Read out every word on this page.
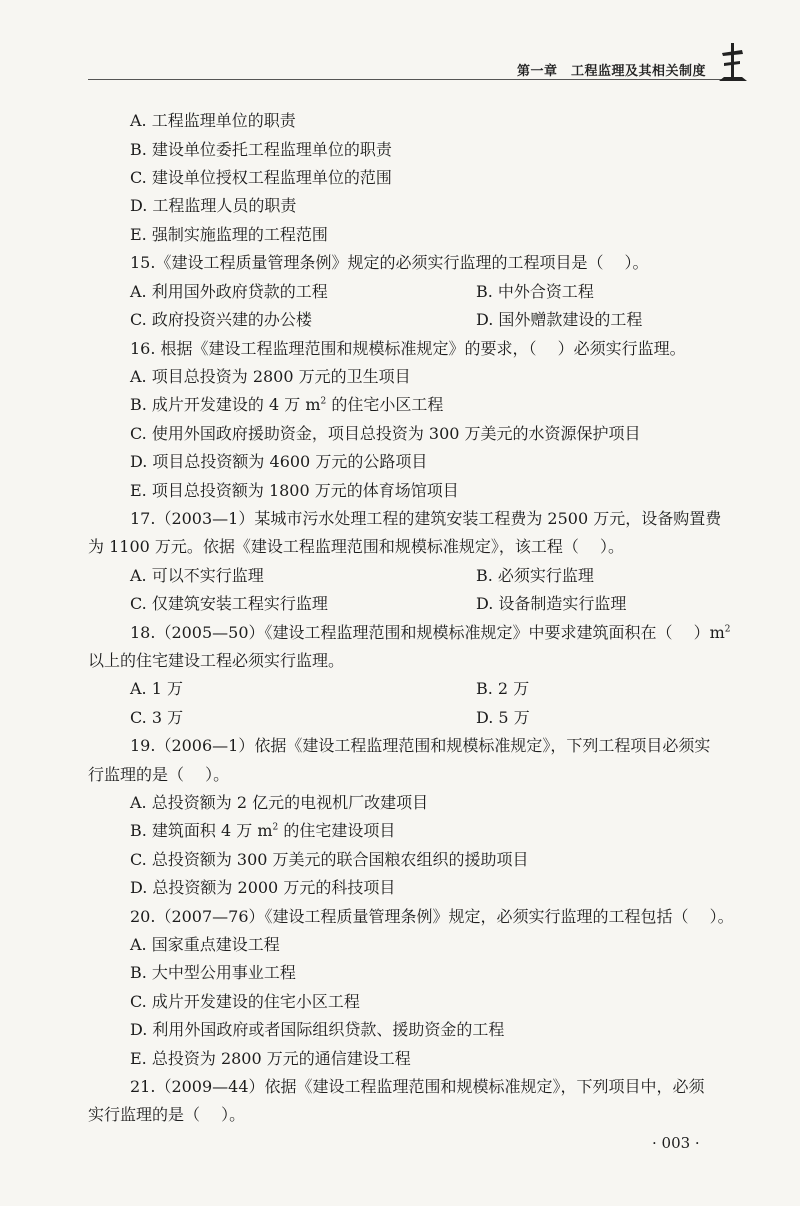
第一章　工程监理及其相关制度
A. 工程监理单位的职责
B. 建设单位委托工程监理单位的职责
C. 建设单位授权工程监理单位的范围
D. 工程监理人员的职责
E. 强制实施监理的工程范围
15.《建设工程质量管理条例》规定的必须实行监理的工程项目是（　 ）。
A. 利用国外政府贷款的工程	B. 中外合资工程
C. 政府投资兴建的办公楼	D. 国外赠款建设的工程
16. 根据《建设工程监理范围和规模标准规定》的要求，（　 ）必须实行监理。
A. 项目总投资为 2800 万元的卫生项目
B. 成片开发建设的 4 万 $m^2$ 的住宅小区工程
C. 使用外国政府援助资金，项目总投资为 300 万美元的水资源保护项目
D. 项目总投资额为 4600 万元的公路项目
E. 项目总投资额为 1800 万元的体育场馆项目
17.（2003—1）某城市污水处理工程的建筑安装工程费为 2500 万元，设备购置费
为 1100 万元。依据《建设工程监理范围和规模标准规定》，该工程（　 ）。
A. 可以不实行监理	B. 必须实行监理
C. 仅建筑安装工程实行监理	D. 设备制造实行监理
18.（2005—50）《建设工程监理范围和规模标准规定》中要求建筑面积在（　 ）$m^2$
以上的住宅建设工程必须实行监理。
A. 1 万	B. 2 万
C. 3 万	D. 5 万
19.（2006—1）依据《建设工程监理范围和规模标准规定》，下列工程项目必须实
行监理的是（　 ）。
A. 总投资额为 2 亿元的电视机厂改建项目
B. 建筑面积 4 万 $m^2$ 的住宅建设项目
C. 总投资额为 300 万美元的联合国粮农组织的援助项目
D. 总投资额为 2000 万元的科技项目
20.（2007—76）《建设工程质量管理条例》规定，必须实行监理的工程包括（　 ）。
A. 国家重点建设工程
B. 大中型公用事业工程
C. 成片开发建设的住宅小区工程
D. 利用外国政府或者国际组织贷款、援助资金的工程
E. 总投资为 2800 万元的通信建设工程
21.（2009—44）依据《建设工程监理范围和规模标准规定》，下列项目中，必须
实行监理的是（　 ）。
· 003 ·
